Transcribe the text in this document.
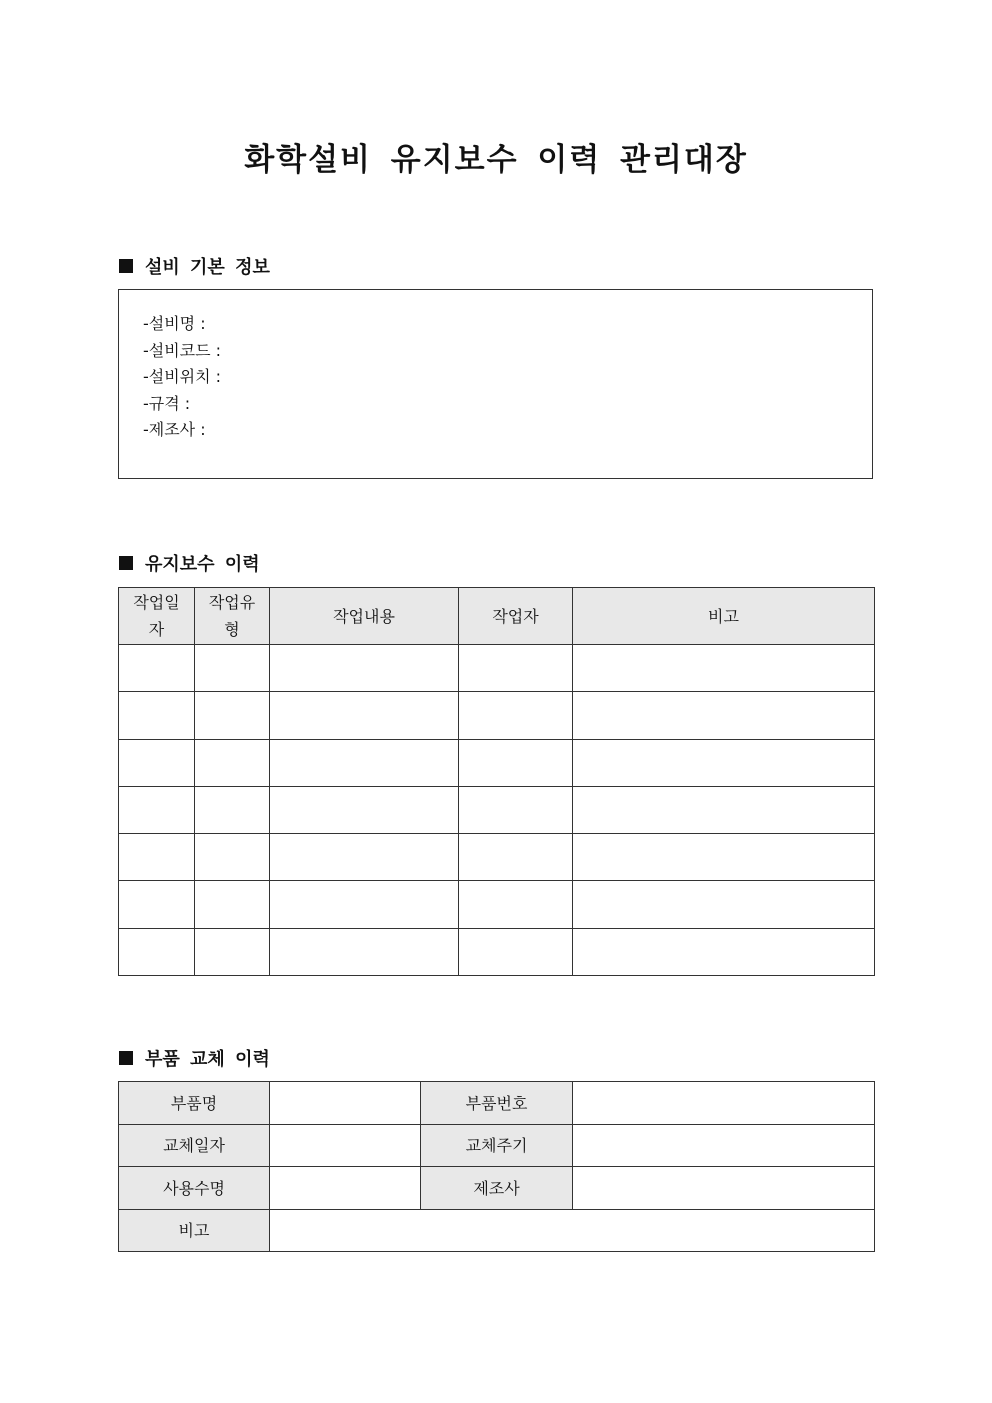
화학설비 유지보수 이력 관리대장
설비 기본 정보
-설비명 :
-설비코드 :
-설비위치 :
-규격 :
-제조사 :
유지보수 이력
작업일자	작업유형	작업내용	작업자	비고

부품 교체 이력
부품명		부품번호	
교체일자		교체주기	
사용수명		제조사	
비고			
